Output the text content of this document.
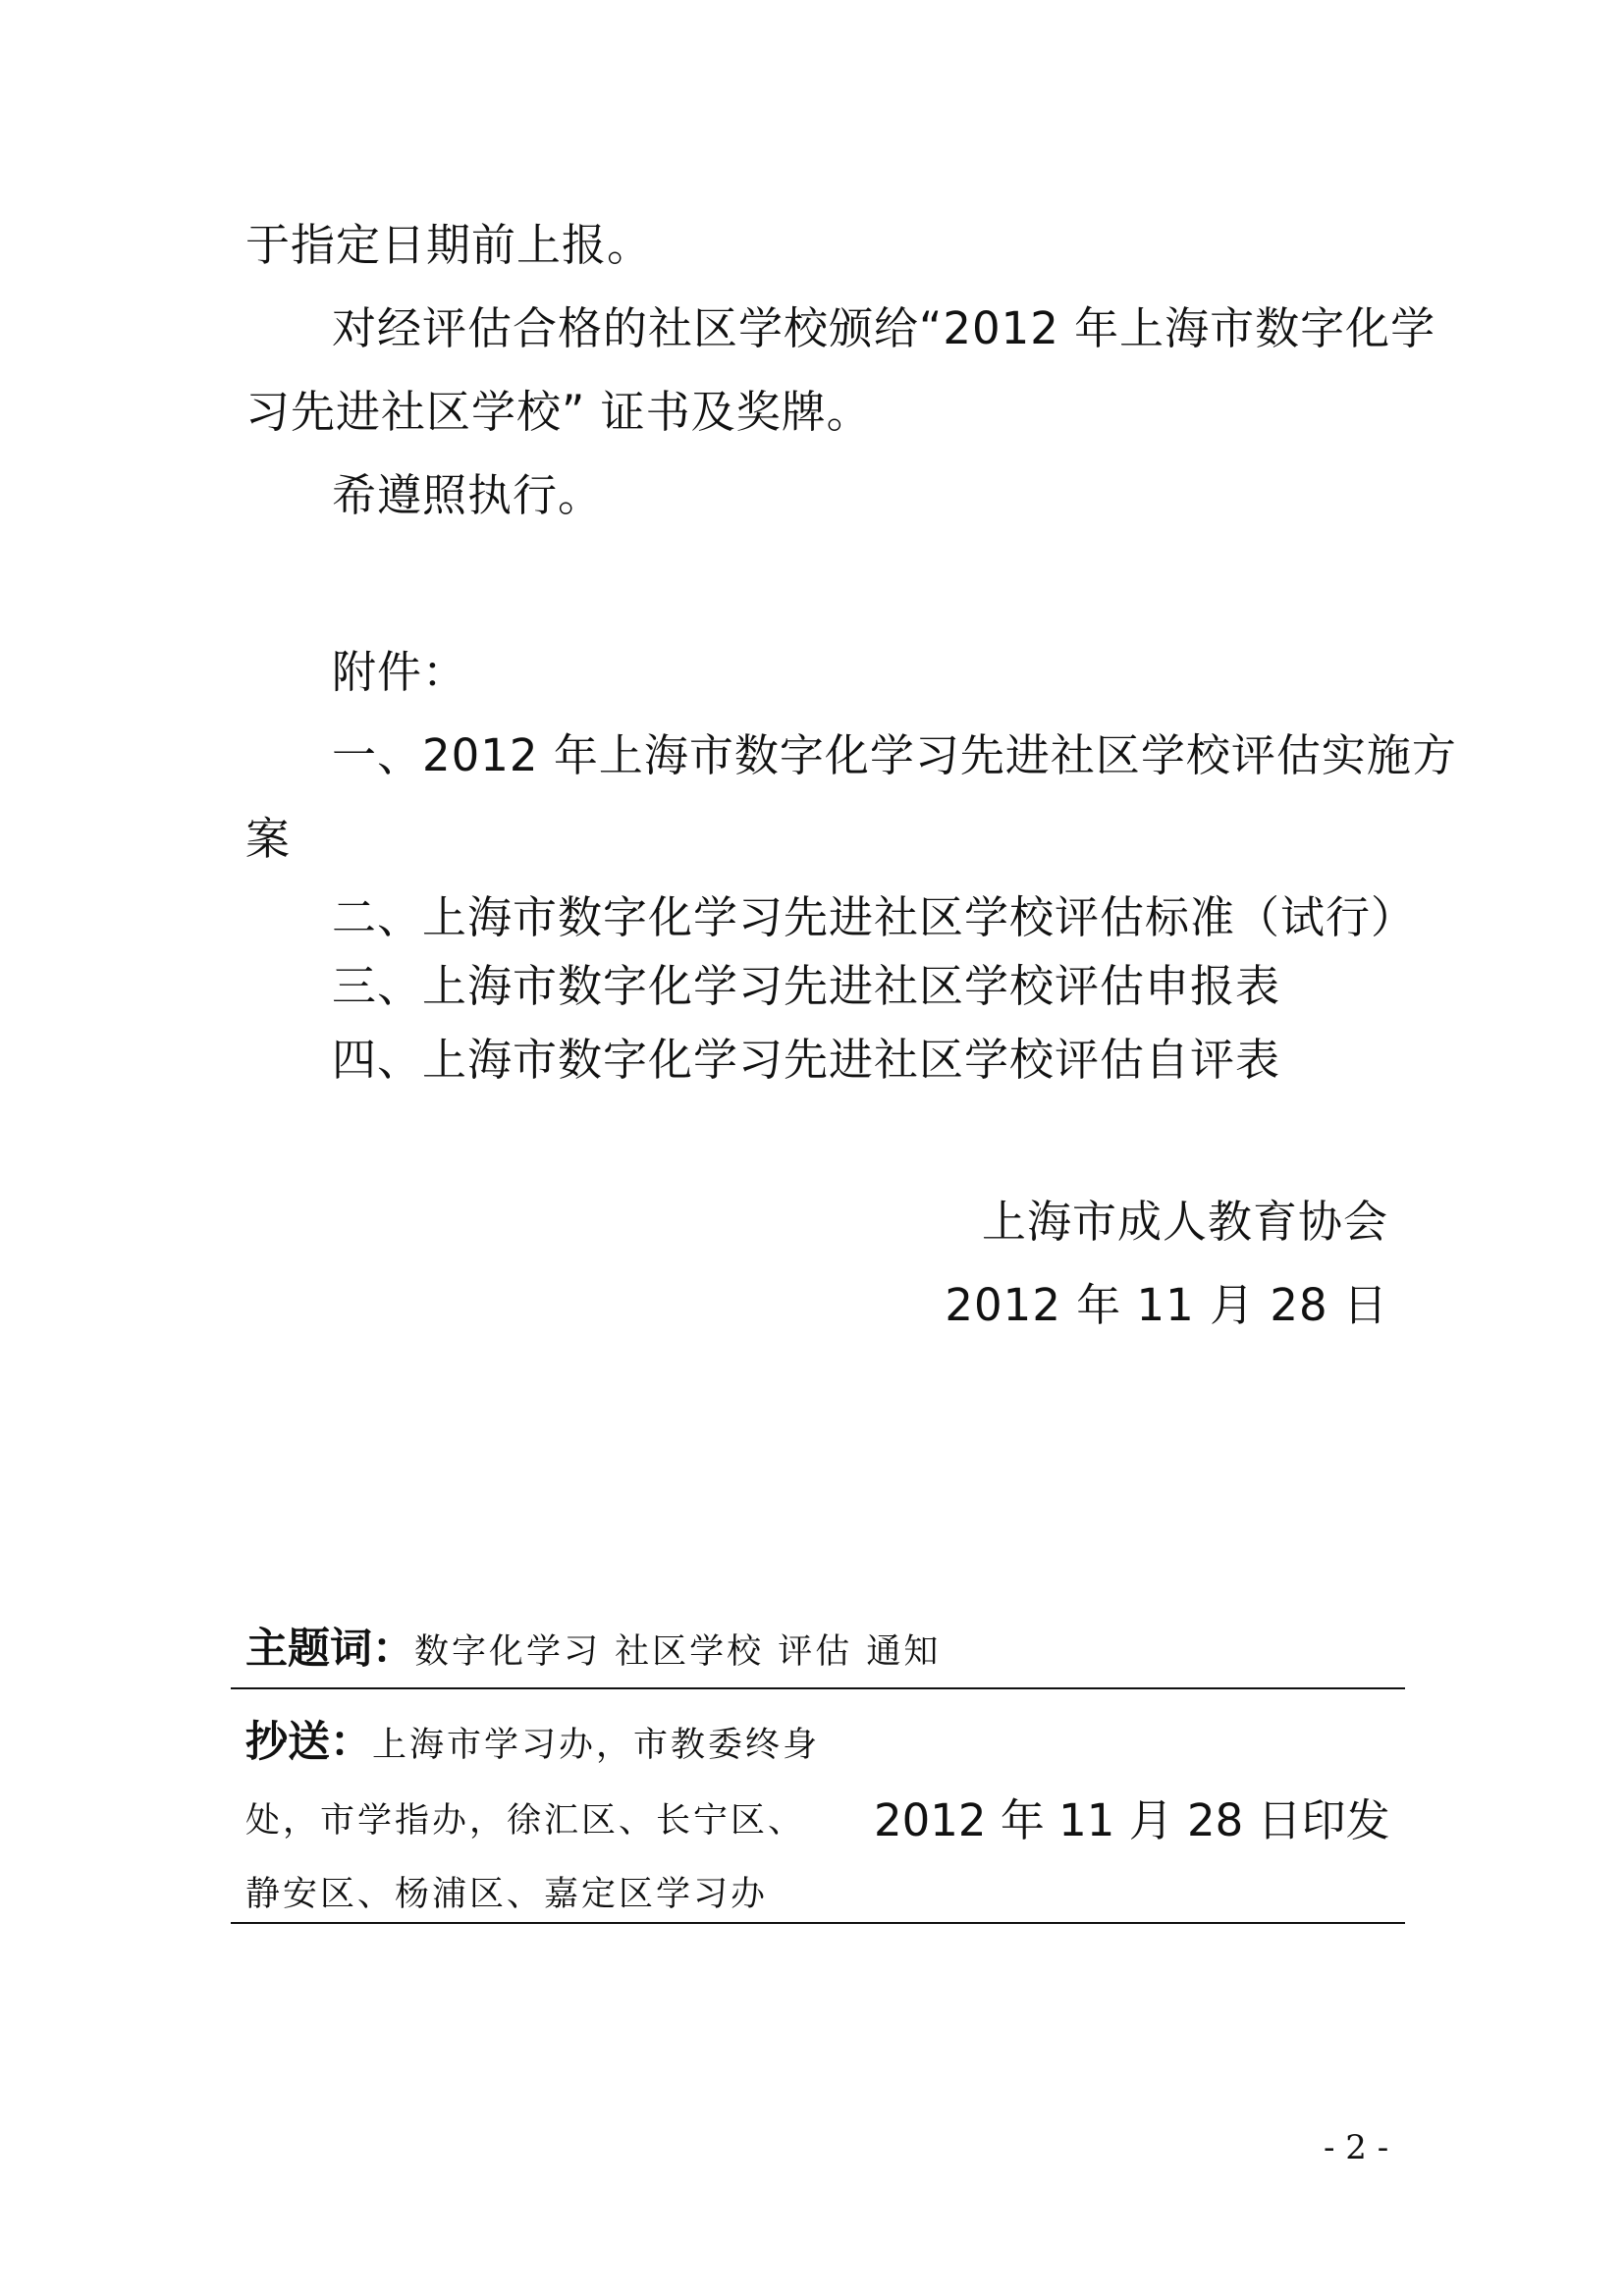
于指定日期前上报。
对经评估合格的社区学校颁给“2012 年上海市数字化学
习先进社区学校” 证书及奖牌。
希遵照执行。
附件：
一、2012 年上海市数字化学习先进社区学校评估实施方
案
二、上海市数字化学习先进社区学校评估标准（试行）
三、上海市数字化学习先进社区学校评估申报表
四、上海市数字化学习先进社区学校评估自评表
上海市成人教育协会
2012 年 11 月 28 日
主题词：数字化学习 社区学校 评估 通知
抄送：上海市学习办，市教委终身
处，市学指办，徐汇区、长宁区、
静安区、杨浦区、嘉定区学习办
2012 年 11 月 28 日印发
- 2 -
